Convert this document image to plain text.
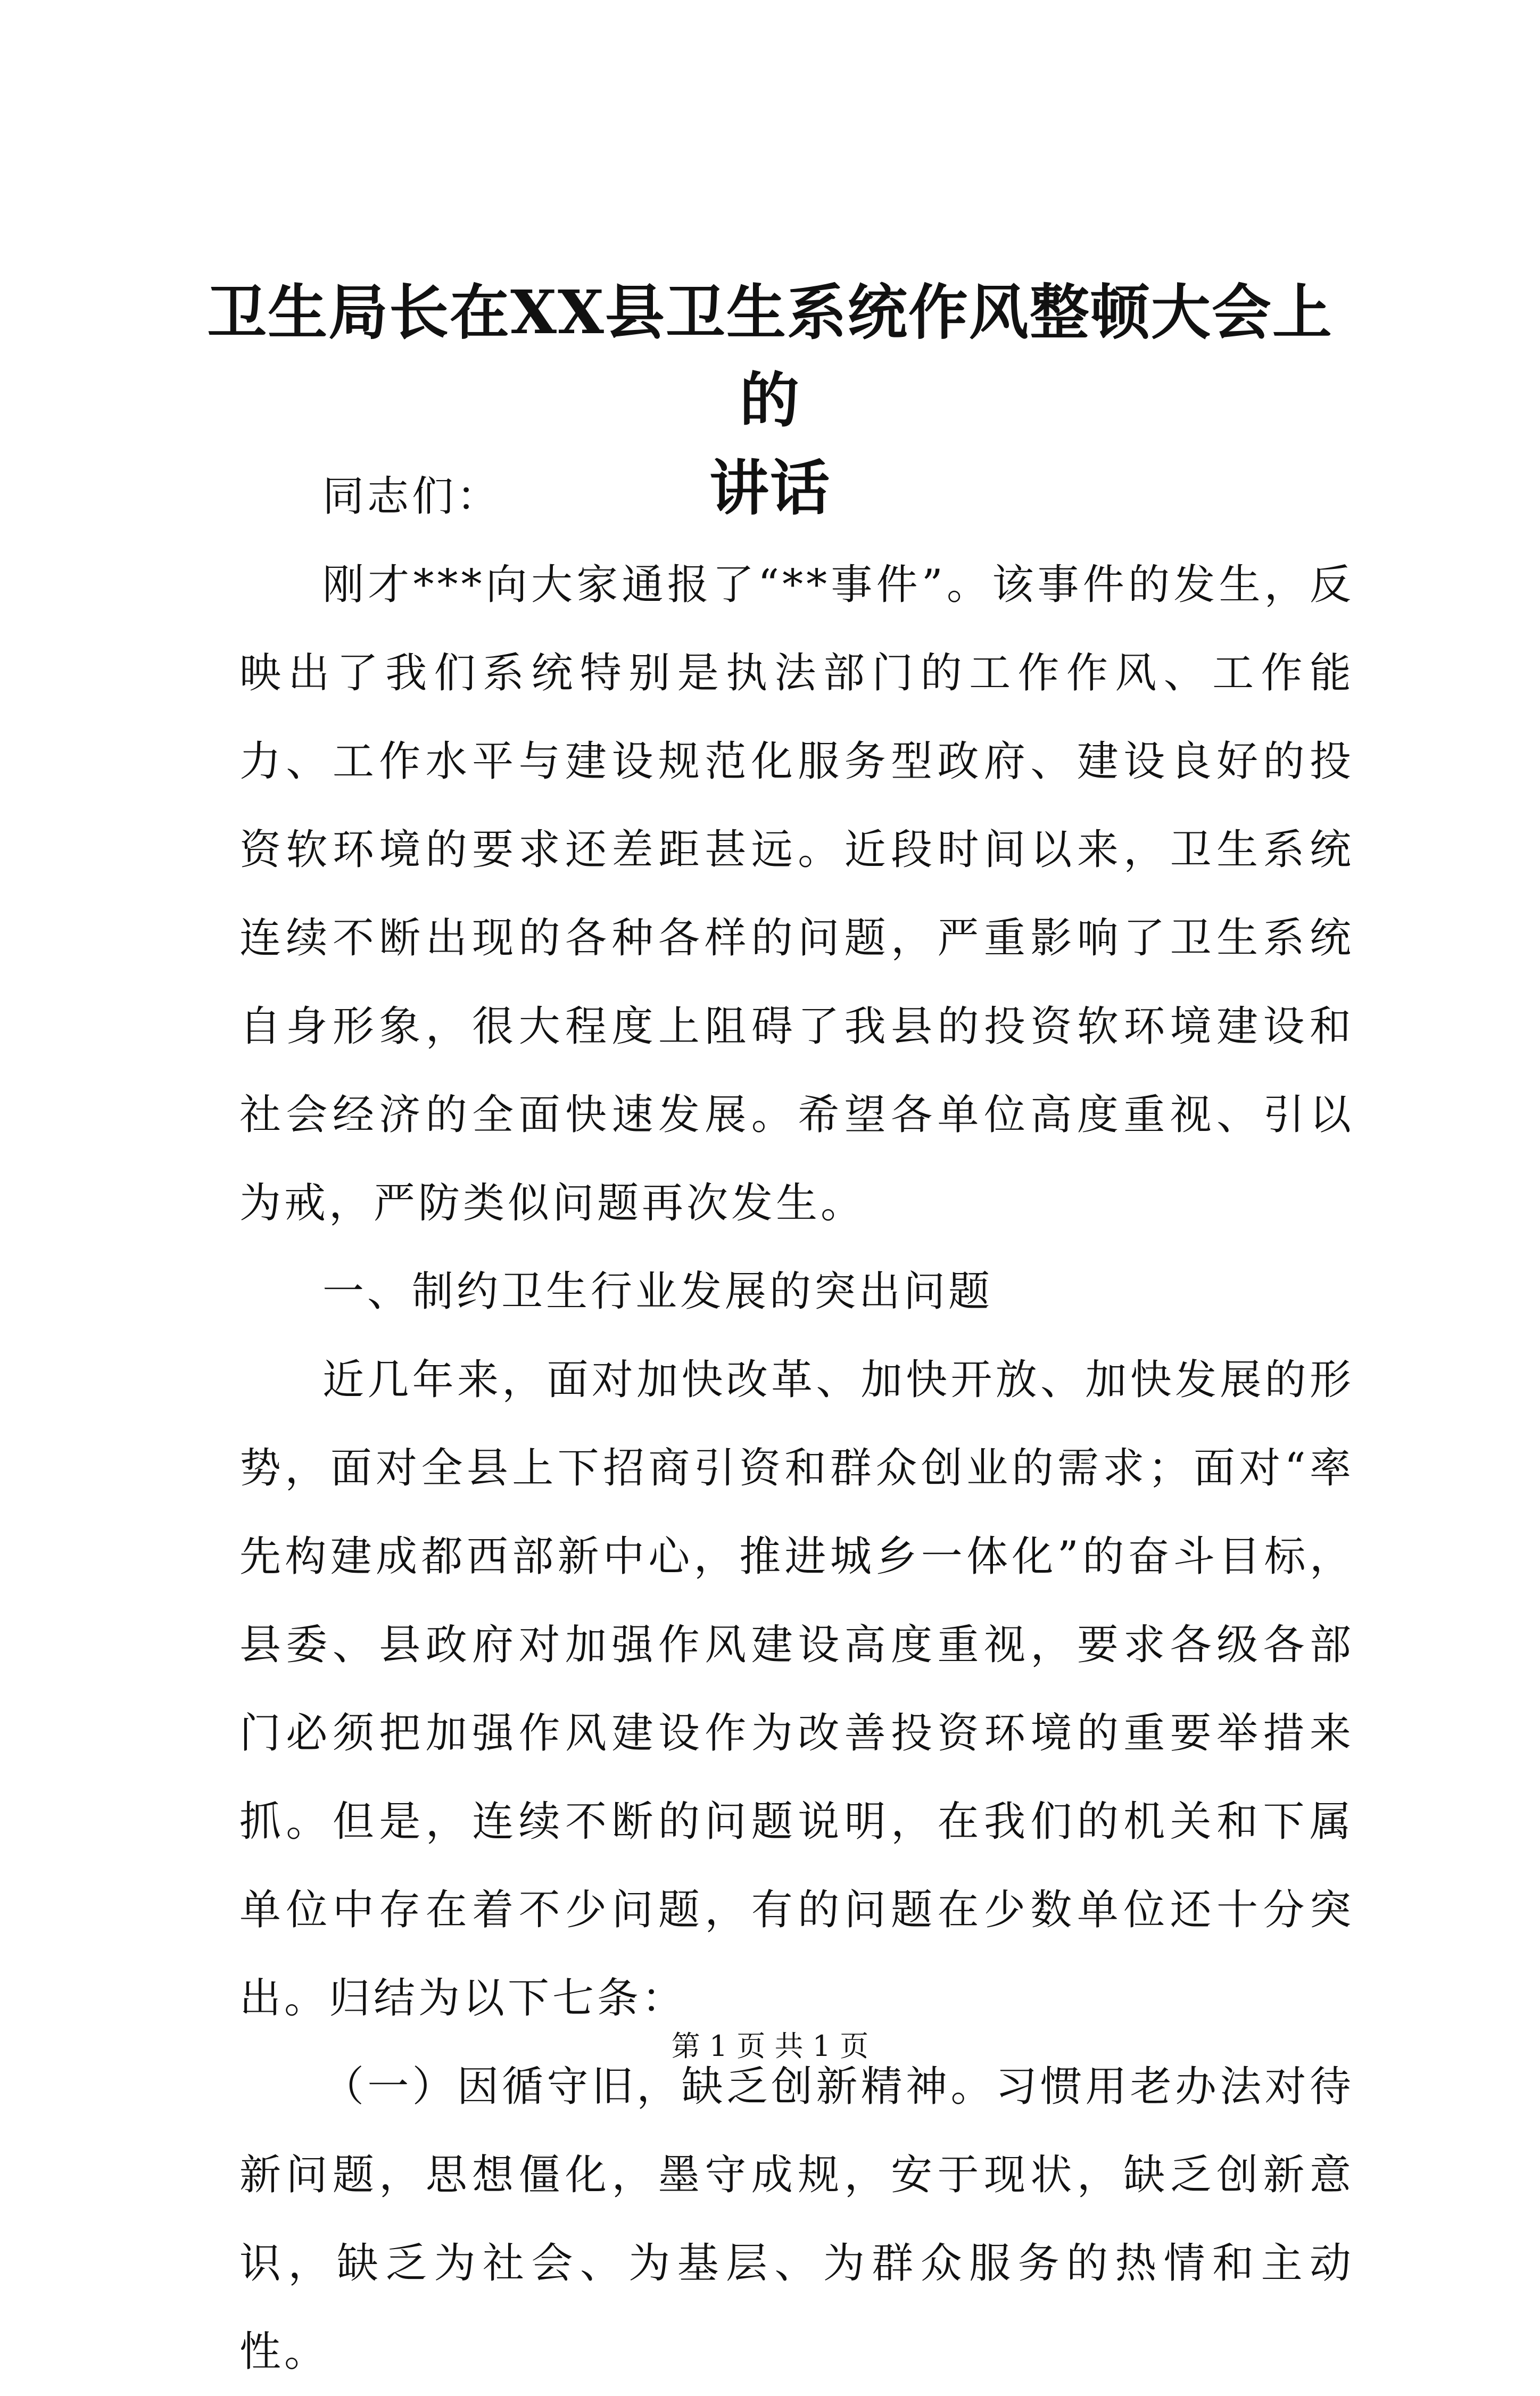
卫生局长在XX县卫生系统作风整顿大会上的
讲话

同志们：

刚才***向大家通报了“**事件”。该事件的发生，反映出了我们系统特别是执法部门的工作作风、工作能力、工作水平与建设规范化服务型政府、建设良好的投资软环境的要求还差距甚远。近段时间以来，卫生系统连续不断出现的各种各样的问题，严重影响了卫生系统自身形象，很大程度上阻碍了我县的投资软环境建设和社会经济的全面快速发展。希望各单位高度重视、引以为戒，严防类似问题再次发生。

一、制约卫生行业发展的突出问题

近几年来，面对加快改革、加快开放、加快发展的形势，面对全县上下招商引资和群众创业的需求；面对“率先构建成都西部新中心，推进城乡一体化”的奋斗目标，县委、县政府对加强作风建设高度重视，要求各级各部门必须把加强作风建设作为改善投资环境的重要举措来抓。但是，连续不断的问题说明，在我们的机关和下属单位中存在着不少问题，有的问题在少数单位还十分突出。归结为以下七条：

（一）因循守旧，缺乏创新精神。习惯用老办法对待新问题，思想僵化，墨守成规，安于现状，缺乏创新意识，缺乏为社会、为基层、为群众服务的热情和主动性。

第 1 页 共 1 页
